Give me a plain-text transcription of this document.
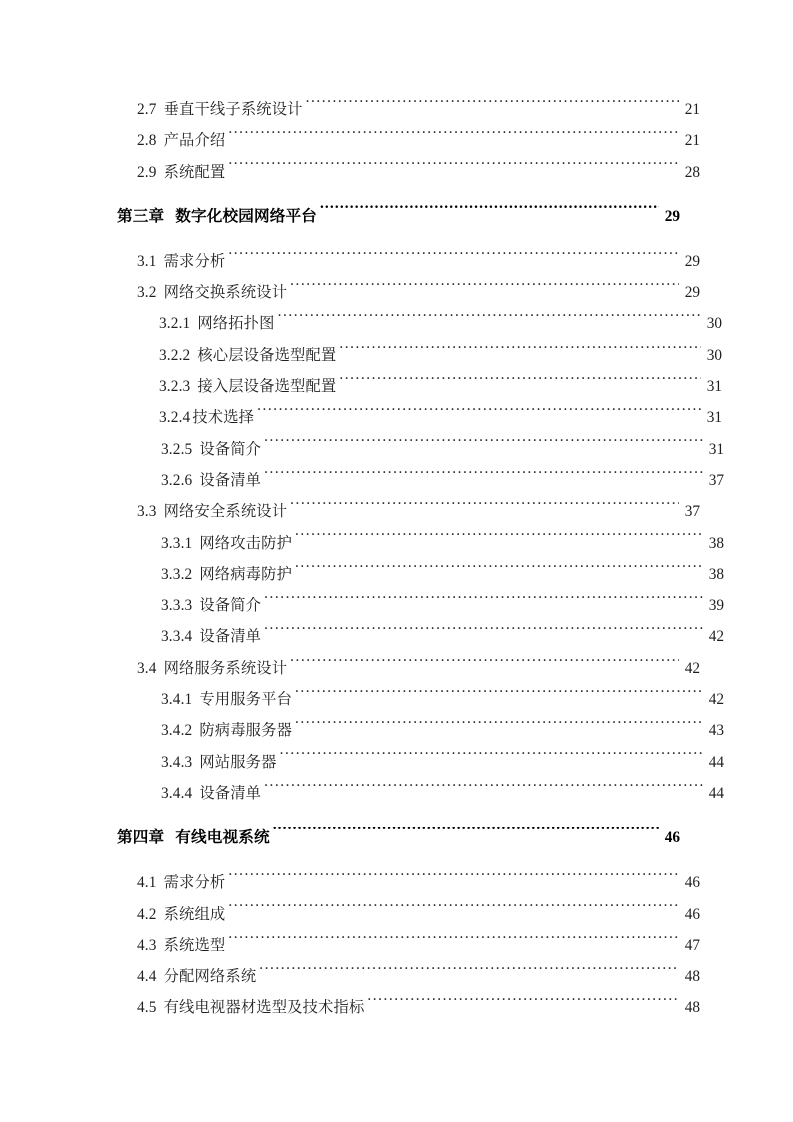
2.7 垂直干线子系统设计 .....	21
2.8 产品介绍 .....	21
2.9 系统配置 .....	28
第三章 数字化校园网络平台 .....	29
3.1 需求分析 .....	29
3.2 网络交换系统设计 .....	29
3.2.1 网络拓扑图 .....	30
3.2.2 核心层设备选型配置 .....	30
3.2.3 接入层设备选型配置 .....	31
3.2.4 技术选择 .....	31
3.2.5 设备简介 .....	31
3.2.6 设备清单 .....	37
3.3 网络安全系统设计 .....	37
3.3.1 网络攻击防护 .....	38
3.3.2 网络病毒防护 .....	38
3.3.3 设备简介 .....	39
3.3.4 设备清单 .....	42
3.4 网络服务系统设计 .....	42
3.4.1 专用服务平台 .....	42
3.4.2 防病毒服务器 .....	43
3.4.3 网站服务器 .....	44
3.4.4 设备清单 .....	44
第四章 有线电视系统 .....	46
4.1 需求分析 .....	46
4.2 系统组成 .....	46
4.3 系统选型 .....	47
4.4 分配网络系统 .....	48
4.5 有线电视器材选型及技术指标 .....	48
